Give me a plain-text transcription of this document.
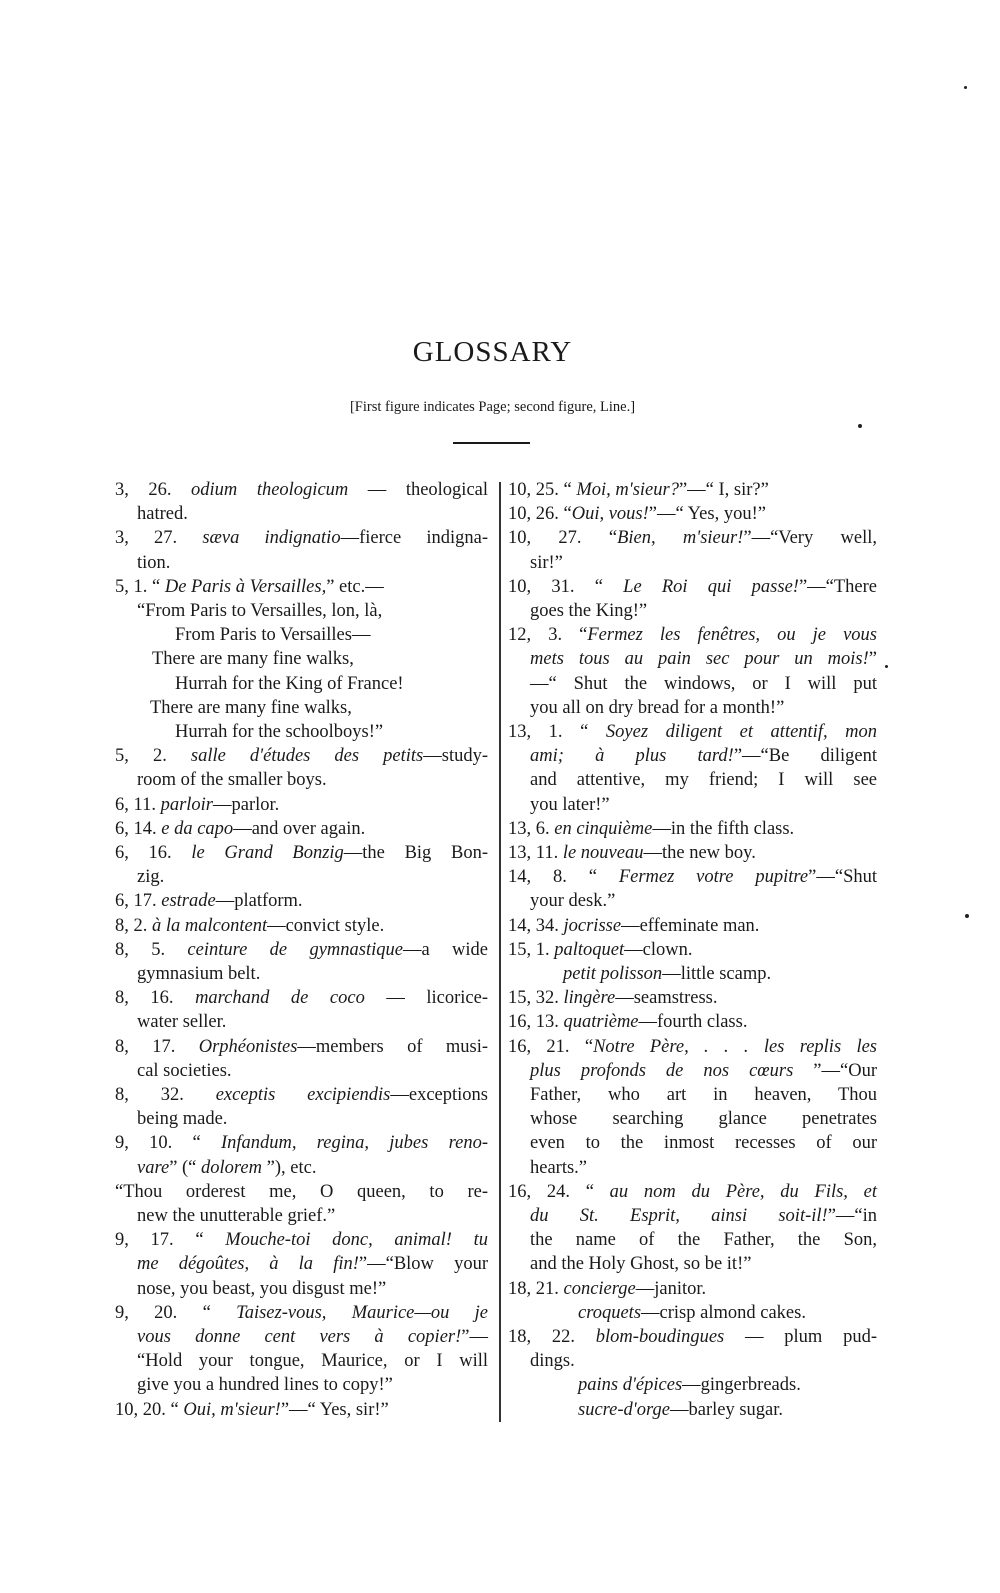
GLOSSARY
[First figure indicates Page; second figure, Line.]
3, 26. odium theologicum — theological
hatred.
3, 27. sæva indignatio—fierce indigna-
tion.
5, 1. “ De Paris à Versailles,” etc.—
“From Paris to Versailles, lon, là,
From Paris to Versailles—
There are many fine walks,
Hurrah for the King of France!
There are many fine walks,
Hurrah for the schoolboys!”
5, 2. salle d'études des petits—study-
room of the smaller boys.
6, 11. parloir—parlor.
6, 14. e da capo—and over again.
6, 16. le Grand Bonzig—the Big Bon-
zig.
6, 17. estrade—platform.
8, 2. à la malcontent—convict style.
8, 5. ceinture de gymnastique—a wide
gymnasium belt.
8, 16. marchand de coco — licorice-
water seller.
8, 17. Orphéonistes—members of musi-
cal societies.
8, 32. exceptis excipiendis—exceptions
being made.
9, 10. “ Infandum, regina, jubes reno-
vare” (“ dolorem ”), etc.
“Thou orderest me, O queen, to re-
new the unutterable grief.”
9, 17. “ Mouche-toi donc, animal! tu
me dégoûtes, à la fin!”—“Blow your
nose, you beast, you disgust me!”
9, 20. “ Taisez-vous, Maurice—ou je
vous donne cent vers à copier!”—
“Hold your tongue, Maurice, or I will
give you a hundred lines to copy!”
10, 20. “ Oui, m'sieur!”—“ Yes, sir!”
10, 25. “ Moi, m'sieur?”—“ I, sir?”
10, 26. “Oui, vous!”—“ Yes, you!”
10, 27. “Bien, m'sieur!”—“Very well,
sir!”
10, 31. “ Le Roi qui passe!”—“There
goes the King!”
12, 3. “Fermez les fenêtres, ou je vous
mets tous au pain sec pour un mois!”
—“ Shut the windows, or I will put
you all on dry bread for a month!”
13, 1. “ Soyez diligent et attentif, mon
ami; à plus tard!”—“Be diligent
and attentive, my friend; I will see
you later!”
13, 6. en cinquième—in the fifth class.
13, 11. le nouveau—the new boy.
14, 8. “ Fermez votre pupitre”—“Shut
your desk.”
14, 34. jocrisse—effeminate man.
15, 1. paltoquet—clown.
petit polisson—little scamp.
15, 32. lingère—seamstress.
16, 13. quatrième—fourth class.
16, 21. “Notre Père, . . . les replis les
plus profonds de nos cœurs ”—“Our
Father, who art in heaven, Thou
whose searching glance penetrates
even to the inmost recesses of our
hearts.”
16, 24. “ au nom du Père, du Fils, et
du St. Esprit, ainsi soit-il!”—“in
the name of the Father, the Son,
and the Holy Ghost, so be it!”
18, 21. concierge—janitor.
croquets—crisp almond cakes.
18, 22. blom-boudingues — plum pud-
dings.
pains d'épices—gingerbreads.
sucre-d'orge—barley sugar.
